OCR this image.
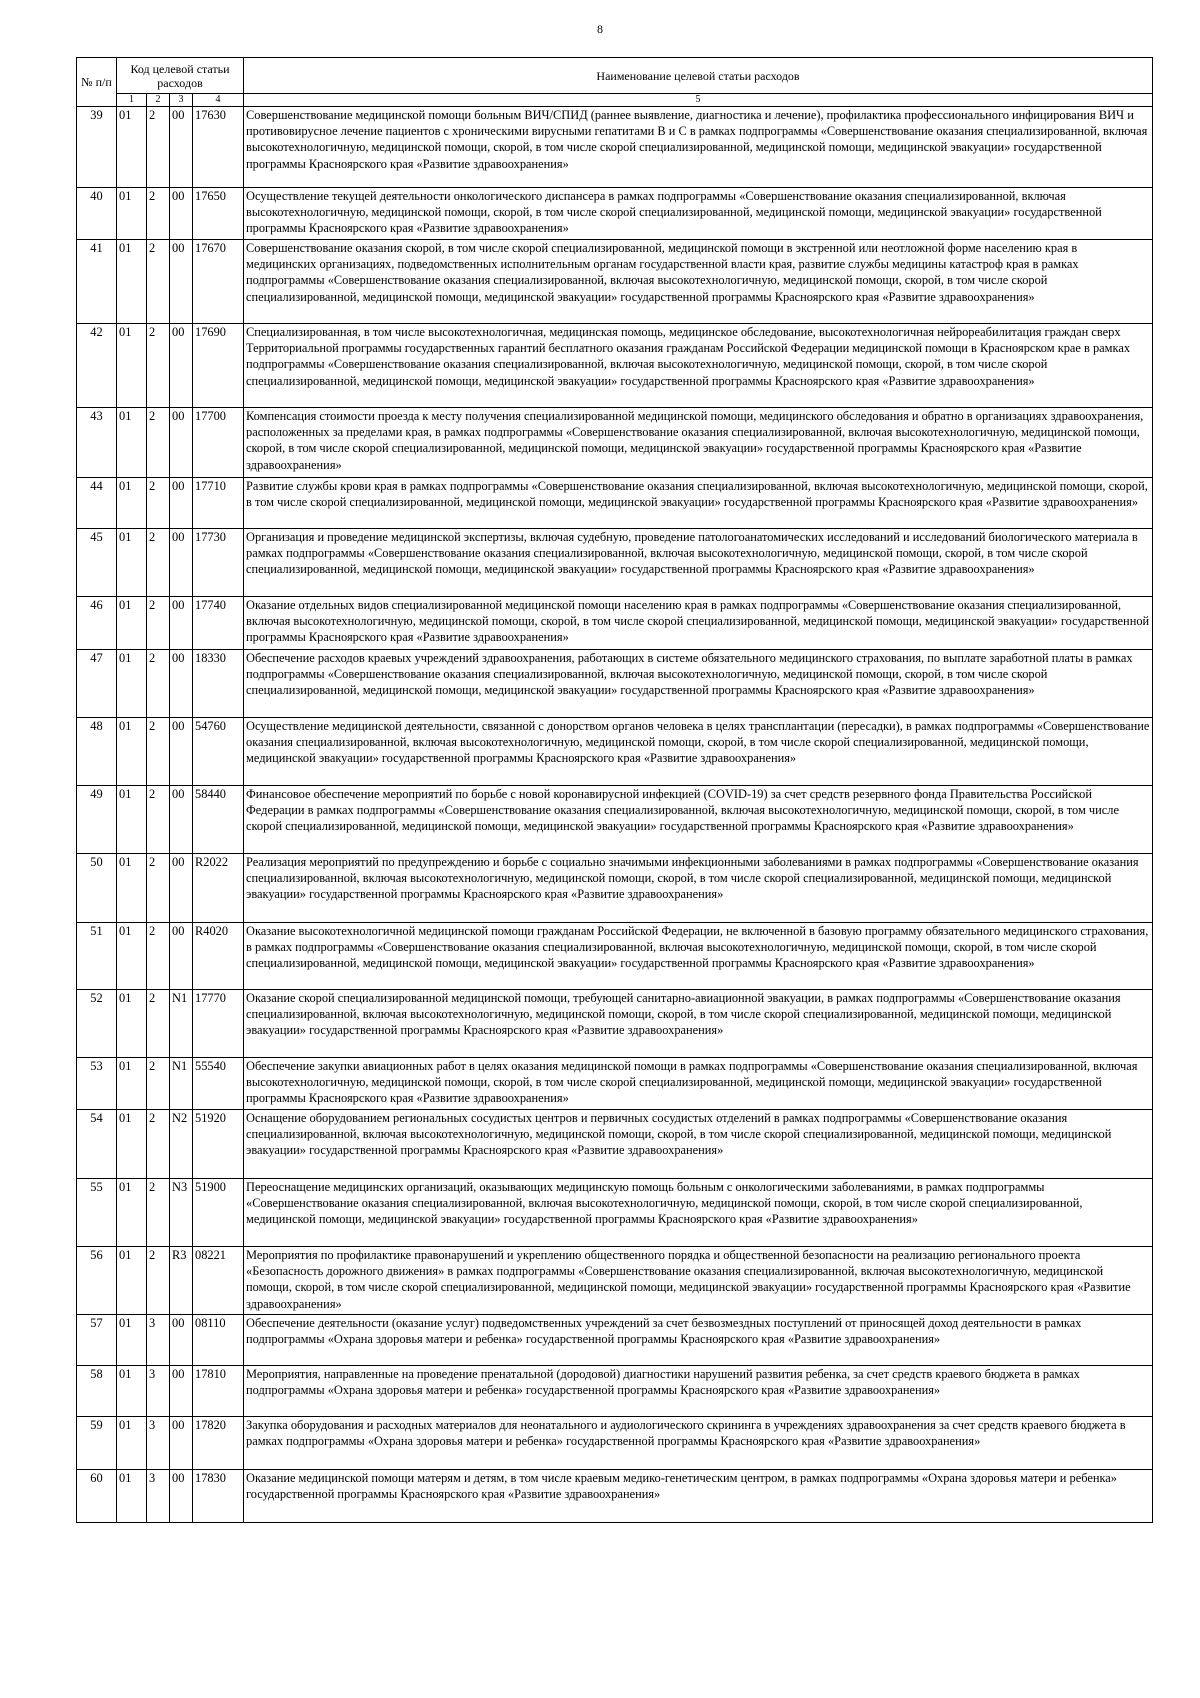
8
№ п/п	Код целевой статьи расходов				Наименование целевой статьи расходов
	1	2	3	4	5
39	01	2	00	17630	Совершенствование медицинской помощи больным ВИЧ/СПИД (раннее выявление, диагностика и лечение), профилактика профессионального инфицирования ВИЧ и противовирусное лечение пациентов с хроническими вирусными гепатитами В и С в рамках подпрограммы «Совершенствование оказания специализированной, включая высокотехнологичную, медицинской помощи, скорой, в том числе скорой специализированной, медицинской помощи, медицинской эвакуации» государственной программы Красноярского края «Развитие здравоохранения»
40	01	2	00	17650	Осуществление текущей деятельности онкологического диспансера в рамках подпрограммы «Совершенствование оказания специализированной, включая высокотехнологичную, медицинской помощи, скорой, в том числе скорой специализированной, медицинской помощи, медицинской эвакуации» государственной программы Красноярского края «Развитие здравоохранения»
41	01	2	00	17670	Совершенствование оказания скорой, в том числе скорой специализированной, медицинской помощи в экстренной или неотложной форме населению края в медицинских организациях, подведомственных исполнительным органам государственной власти края, развитие службы медицины катастроф края в рамках подпрограммы «Совершенствование оказания специализированной, включая высокотехнологичную, медицинской помощи, скорой, в том числе скорой специализированной, медицинской помощи, медицинской эвакуации» государственной программы Красноярского края «Развитие здравоохранения»
42	01	2	00	17690	Специализированная, в том числе высокотехнологичная, медицинская помощь, медицинское обследование, высокотехнологичная нейрореабилитация граждан сверх Территориальной программы государственных гарантий бесплатного оказания гражданам Российской Федерации медицинской помощи в Красноярском крае в рамках подпрограммы «Совершенствование оказания специализированной, включая высокотехнологичную, медицинской помощи, скорой, в том числе скорой специализированной, медицинской помощи, медицинской эвакуации» государственной программы Красноярского края «Развитие здравоохранения»
43	01	2	00	17700	Компенсация стоимости проезда к месту получения специализированной медицинской помощи, медицинского обследования и обратно в организациях здравоохранения, расположенных за пределами края, в рамках подпрограммы «Совершенствование оказания специализированной, включая высокотехнологичную, медицинской помощи, скорой, в том числе скорой специализированной, медицинской помощи, медицинской эвакуации» государственной программы Красноярского края «Развитие здравоохранения»
44	01	2	00	17710	Развитие службы крови края в рамках подпрограммы «Совершенствование оказания специализированной, включая высокотехнологичную, медицинской помощи, скорой, в том числе скорой специализированной, медицинской помощи, медицинской эвакуации» государственной программы Красноярского края «Развитие здравоохранения»
45	01	2	00	17730	Организация и проведение медицинской экспертизы, включая судебную, проведение патологоанатомических исследований и исследований биологического материала в рамках подпрограммы «Совершенствование оказания специализированной, включая высокотехнологичную, медицинской помощи, скорой, в том числе скорой специализированной, медицинской помощи, медицинской эвакуации» государственной программы Красноярского края «Развитие здравоохранения»
46	01	2	00	17740	Оказание отдельных видов специализированной медицинской помощи населению края в рамках подпрограммы «Совершенствование оказания специализированной, включая высокотехнологичную, медицинской помощи, скорой, в том числе скорой специализированной, медицинской помощи, медицинской эвакуации» государственной программы Красноярского края «Развитие здравоохранения»
47	01	2	00	18330	Обеспечение расходов краевых учреждений здравоохранения, работающих в системе обязательного медицинского страхования, по выплате заработной платы в рамках подпрограммы «Совершенствование оказания специализированной, включая высокотехнологичную, медицинской помощи, скорой, в том числе скорой специализированной, медицинской помощи, медицинской эвакуации» государственной программы Красноярского края «Развитие здравоохранения»
48	01	2	00	54760	Осуществление медицинской деятельности, связанной с донорством органов человека в целях трансплантации (пересадки), в рамках подпрограммы «Совершенствование оказания специализированной, включая высокотехнологичную, медицинской помощи, скорой, в том числе скорой специализированной, медицинской помощи, медицинской эвакуации» государственной программы Красноярского края «Развитие здравоохранения»
49	01	2	00	58440	Финансовое обеспечение мероприятий по борьбе с новой коронавирусной инфекцией (COVID-19) за счет средств резервного фонда Правительства Российской Федерации в рамках подпрограммы «Совершенствование оказания специализированной, включая высокотехнологичную, медицинской помощи, скорой, в том числе скорой специализированной, медицинской помощи, медицинской эвакуации» государственной программы Красноярского края «Развитие здравоохранения»
50	01	2	00	R2022	Реализация мероприятий по предупреждению и борьбе с социально значимыми инфекционными заболеваниями в рамках подпрограммы «Совершенствование оказания специализированной, включая высокотехнологичную, медицинской помощи, скорой, в том числе скорой специализированной, медицинской помощи, медицинской эвакуации» государственной программы Красноярского края «Развитие здравоохранения»
51	01	2	00	R4020	Оказание высокотехнологичной медицинской помощи гражданам Российской Федерации, не включенной в базовую программу обязательного медицинского страхования, в рамках подпрограммы «Совершенствование оказания специализированной, включая высокотехнологичную, медицинской помощи, скорой, в том числе скорой специализированной, медицинской помощи, медицинской эвакуации» государственной программы Красноярского края «Развитие здравоохранения»
52	01	2	N1	17770	Оказание скорой специализированной медицинской помощи, требующей санитарно-авиационной эвакуации, в рамках подпрограммы «Совершенствование оказания специализированной, включая высокотехнологичную, медицинской помощи, скорой, в том числе скорой специализированной, медицинской помощи, медицинской эвакуации» государственной программы Красноярского края «Развитие здравоохранения»
53	01	2	N1	55540	Обеспечение закупки авиационных работ в целях оказания медицинской помощи в рамках подпрограммы «Совершенствование оказания специализированной, включая высокотехнологичную, медицинской помощи, скорой, в том числе скорой специализированной, медицинской помощи, медицинской эвакуации» государственной программы Красноярского края «Развитие здравоохранения»
54	01	2	N2	51920	Оснащение оборудованием региональных сосудистых центров и первичных сосудистых отделений в рамках подпрограммы «Совершенствование оказания специализированной, включая высокотехнологичную, медицинской помощи, скорой, в том числе скорой специализированной, медицинской помощи, медицинской эвакуации» государственной программы Красноярского края «Развитие здравоохранения»
55	01	2	N3	51900	Переоснащение медицинских организаций, оказывающих медицинскую помощь больным с онкологическими заболеваниями, в рамках подпрограммы «Совершенствование оказания специализированной, включая высокотехнологичную, медицинской помощи, скорой, в том числе скорой специализированной, медицинской помощи, медицинской эвакуации» государственной программы Красноярского края «Развитие здравоохранения»
56	01	2	R3	08221	Мероприятия по профилактике правонарушений и укреплению общественного порядка и общественной безопасности на реализацию регионального проекта «Безопасность дорожного движения» в рамках подпрограммы «Совершенствование оказания специализированной, включая высокотехнологичную, медицинской помощи, скорой, в том числе скорой специализированной, медицинской помощи, медицинской эвакуации» государственной программы Красноярского края «Развитие здравоохранения»
57	01	3	00	08110	Обеспечение деятельности (оказание услуг) подведомственных учреждений за счет безвозмездных поступлений от приносящей доход деятельности в рамках подпрограммы «Охрана здоровья матери и ребенка» государственной программы Красноярского края «Развитие здравоохранения»
58	01	3	00	17810	Мероприятия, направленные на проведение пренатальной (дородовой) диагностики нарушений развития ребенка, за счет средств краевого бюджета в рамках подпрограммы «Охрана здоровья матери и ребенка» государственной программы Красноярского края «Развитие здравоохранения»
59	01	3	00	17820	Закупка оборудования и расходных материалов для неонатального и аудиологического скрининга в учреждениях здравоохранения за счет средств краевого бюджета в рамках подпрограммы «Охрана здоровья матери и ребенка» государственной программы Красноярского края «Развитие здравоохранения»
60	01	3	00	17830	Оказание медицинской помощи матерям и детям, в том числе краевым медико-генетическим центром, в рамках подпрограммы «Охрана здоровья матери и ребенка» государственной программы Красноярского края «Развитие здравоохранения»
